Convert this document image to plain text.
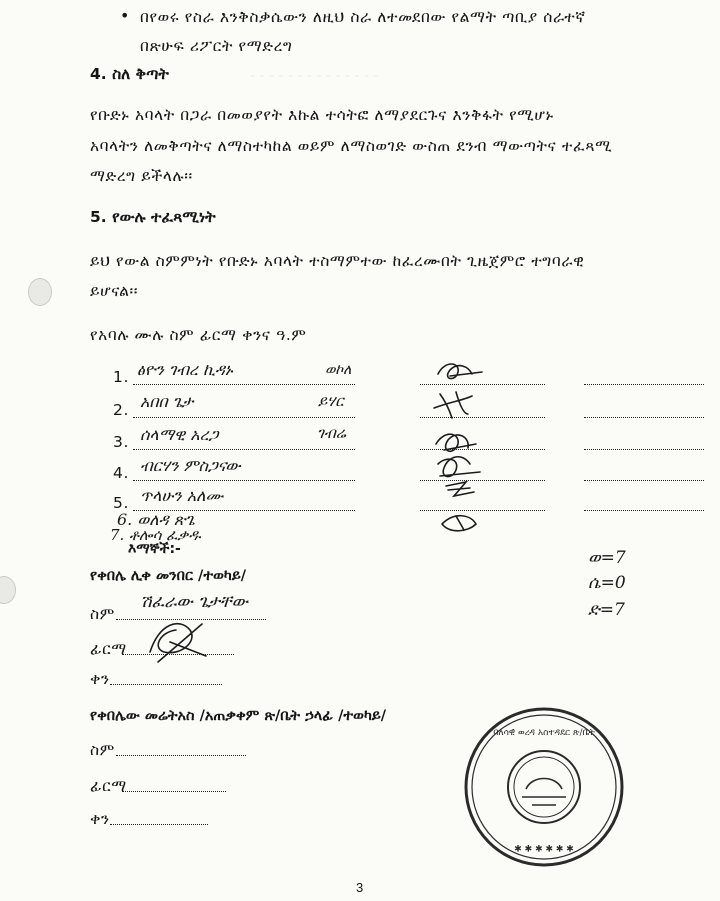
- - - - - - - - - - - - - -
• በየወሩ የስራ እንቅስቃሴውን ለዚህ ስራ ለተመደበው የልማት ጣቢያ ሰራተኛ
በጽሁፍ ሪፖርት የማድረግ
4. ስለ ቅጣት
የቡድኑ አባላት በጋራ በመወያየት እኩል ተሳትፎ ለማያደርጉና እንቅፋት የሚሆኑ
አባላትን ለመቅጣትና ለማስተካከል ወይም ለማስወገድ ውስጠ ደንብ ማውጣትና ተፈጻሚ
ማድረግ ይችላሉ፡፡
5. የውሉ ተፈጻሚነት
ይህ የውል ስምምነት የቡድኑ አባላት ተስማምተው ከፈረሙበት ጊዜጀምሮ ተግባራዊ
ይሆናል፡፡
የአባሉ ሙሉ ስም ፊርማ ቀንና ዓ.ም
1. ፅዮን ገብረ ኪዳኑ	ወኮለ
2. አበበ ጌታ	ይሃር
3. ሰላማዊ አረጋ	ገብሬ
4. ብርሃን ምስጋናው
5. ጥላሁን አለሙ
6. ወለዳ ጽጌ
7. ቶሎሳ ፈቃዱ
እማኞች:-	ወ=7
ሴ=0
ድ=7
የቀበሌ ሊቀ መንበር /ተወካይ/
ስም
ሽፈራው ጌታቸው
ፊርማ
ቀን
የቀበሌው መሬትአስ /አጠቃቀም ጽ/ቤት ኃላፊ /ተወካይ/
ስም
ፊርማ
ቀን
ባለሳዊ ወረዳ አስተዳደር ጽ/ቤት
✱ ✱ ✱ ✱ ✱ ✱
3
